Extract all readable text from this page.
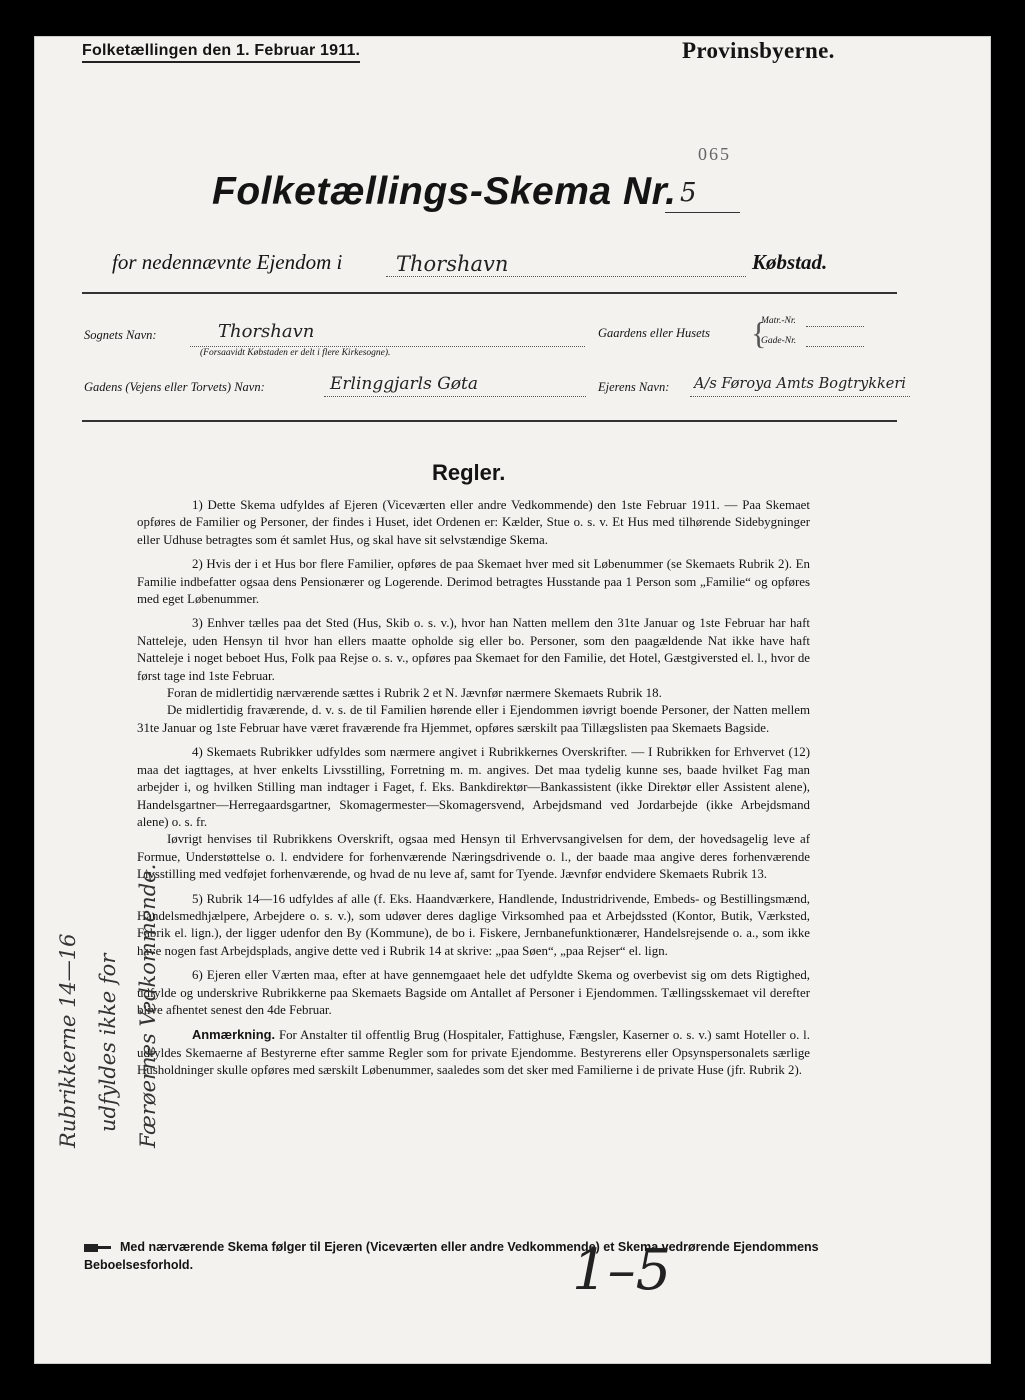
Folketællingen den 1. Februar 1911.	Provinsbyerne.
065
Folketællings-Skema Nr. 5
for nedennævnte Ejendom i	Thorshavn	Købstad.
Sognets Navn:	Thorshavn
(Forsaavidt Købstaden er delt i flere Kirkesogne).
Gaardens eller Husets {
Matr.-Nr.
Gade-Nr.
Gadens (Vejens eller Torvets) Navn:	Erlinggjarls Gøta	Ejerens Navn: A/s Føroya Amts Bogtrykkeri
Regler.

1) Dette Skema udfyldes af Ejeren (Viceværten eller andre Vedkommende) den 1ste Februar 1911. — Paa Skemaet opføres de Familier og Personer, der findes i Huset, idet Ordenen er: Kælder, Stue o. s. v. Et Hus med tilhørende Sidebygninger eller Udhuse betragtes som ét samlet Hus, og skal have sit selvstændige Skema.

2) Hvis der i et Hus bor flere Familier, opføres de paa Skemaet hver med sit Løbenummer (se Skemaets Rubrik 2). En Familie indbefatter ogsaa dens Pensionærer og Logerende. Derimod betragtes Husstande paa 1 Person som „Familie“ og opføres med eget Løbenummer.

3) Enhver tælles paa det Sted (Hus, Skib o. s. v.), hvor han Natten mellem den 31te Januar og 1ste Februar har haft Natteleje, uden Hensyn til hvor han ellers maatte opholde sig eller bo. Personer, som den paagældende Nat ikke have haft Natteleje i noget beboet Hus, Folk paa Rejse o. s. v., opføres paa Skemaet for den Familie, det Hotel, Gæstgiversted el. l., hvor de først tage ind 1ste Februar.

Foran de midlertidig nærværende sættes i Rubrik 2 et N. Jævnfør nærmere Skemaets Rubrik 18.

De midlertidig fraværende, d. v. s. de til Familien hørende eller i Ejendommen iøvrigt boende Personer, der Natten mellem 31te Januar og 1ste Februar have været fraværende fra Hjemmet, opføres særskilt paa Tillægslisten paa Skemaets Bagside.

4) Skemaets Rubrikker udfyldes som nærmere angivet i Rubrikkernes Overskrifter. — I Rubrikken for Erhvervet (12) maa det iagttages, at hver enkelts Livsstilling, Forretning m. m. angives. Det maa tydelig kunne ses, baade hvilket Fag man arbejder i, og hvilken Stilling man indtager i Faget, f. Eks. Bankdirektør—Bankassistent (ikke Direktør eller Assistent alene), Handelsgartner—Herregaardsgartner, Skomagermester—Skomagersvend, Arbejdsmand ved Jordarbejde (ikke Arbejdsmand alene) o. s. fr.

Iøvrigt henvises til Rubrikkens Overskrift, ogsaa med Hensyn til Erhvervsangivelsen for dem, der hovedsagelig leve af Formue, Understøttelse o. l. endvidere for forhenværende Næringsdrivende o. l., der baade maa angive deres forhenværende Livsstilling med vedføjet forhenværende, og hvad de nu leve af, samt for Tyende. Jævnfør endvidere Skemaets Rubrik 13.

5) Rubrik 14—16 udfyldes af alle (f. Eks. Haandværkere, Handlende, Industridrivende, Embeds- og Bestillingsmænd, Handelsmedhjælpere, Arbejdere o. s. v.), som udøver deres daglige Virksomhed paa et Arbejdssted (Kontor, Butik, Værksted, Fabrik el. lign.), der ligger udenfor den By (Kommune), de bo i. Fiskere, Jernbanefunktionærer, Handelsrejsende o. a., som ikke have nogen fast Arbejdsplads, angive dette ved i Rubrik 14 at skrive: „paa Søen“, „paa Rejser“ el. lign.

6) Ejeren eller Værten maa, efter at have gennemgaaet hele det udfyldte Skema og overbevist sig om dets Rigtighed, udfylde og underskrive Rubrikkerne paa Skemaets Bagside om Antallet af Personer i Ejendommen. Tællingsskemaet vil derefter blive afhentet senest den 4de Februar.

Anmærkning. For Anstalter til offentlig Brug (Hospitaler, Fattighuse, Fængsler, Kaserner o. s. v.) samt Hoteller o. l. udfyldes Skemaerne af Bestyrerne efter samme Regler som for private Ejendomme. Bestyrerens eller Opsynspersonalets særlige Husholdninger skulle opføres med særskilt Løbenummer, saaledes som det sker med Familierne i de private Huse (jfr. Rubrik 2).

Rubrikkerne 14—16 udfyldes ikke for Færøernes Vedkommende.
Med nærværende Skema følger til Ejeren (Viceværten eller andre Vedkommende) et Skema vedrørende Ejendommens Beboelsesforhold.	1–5
